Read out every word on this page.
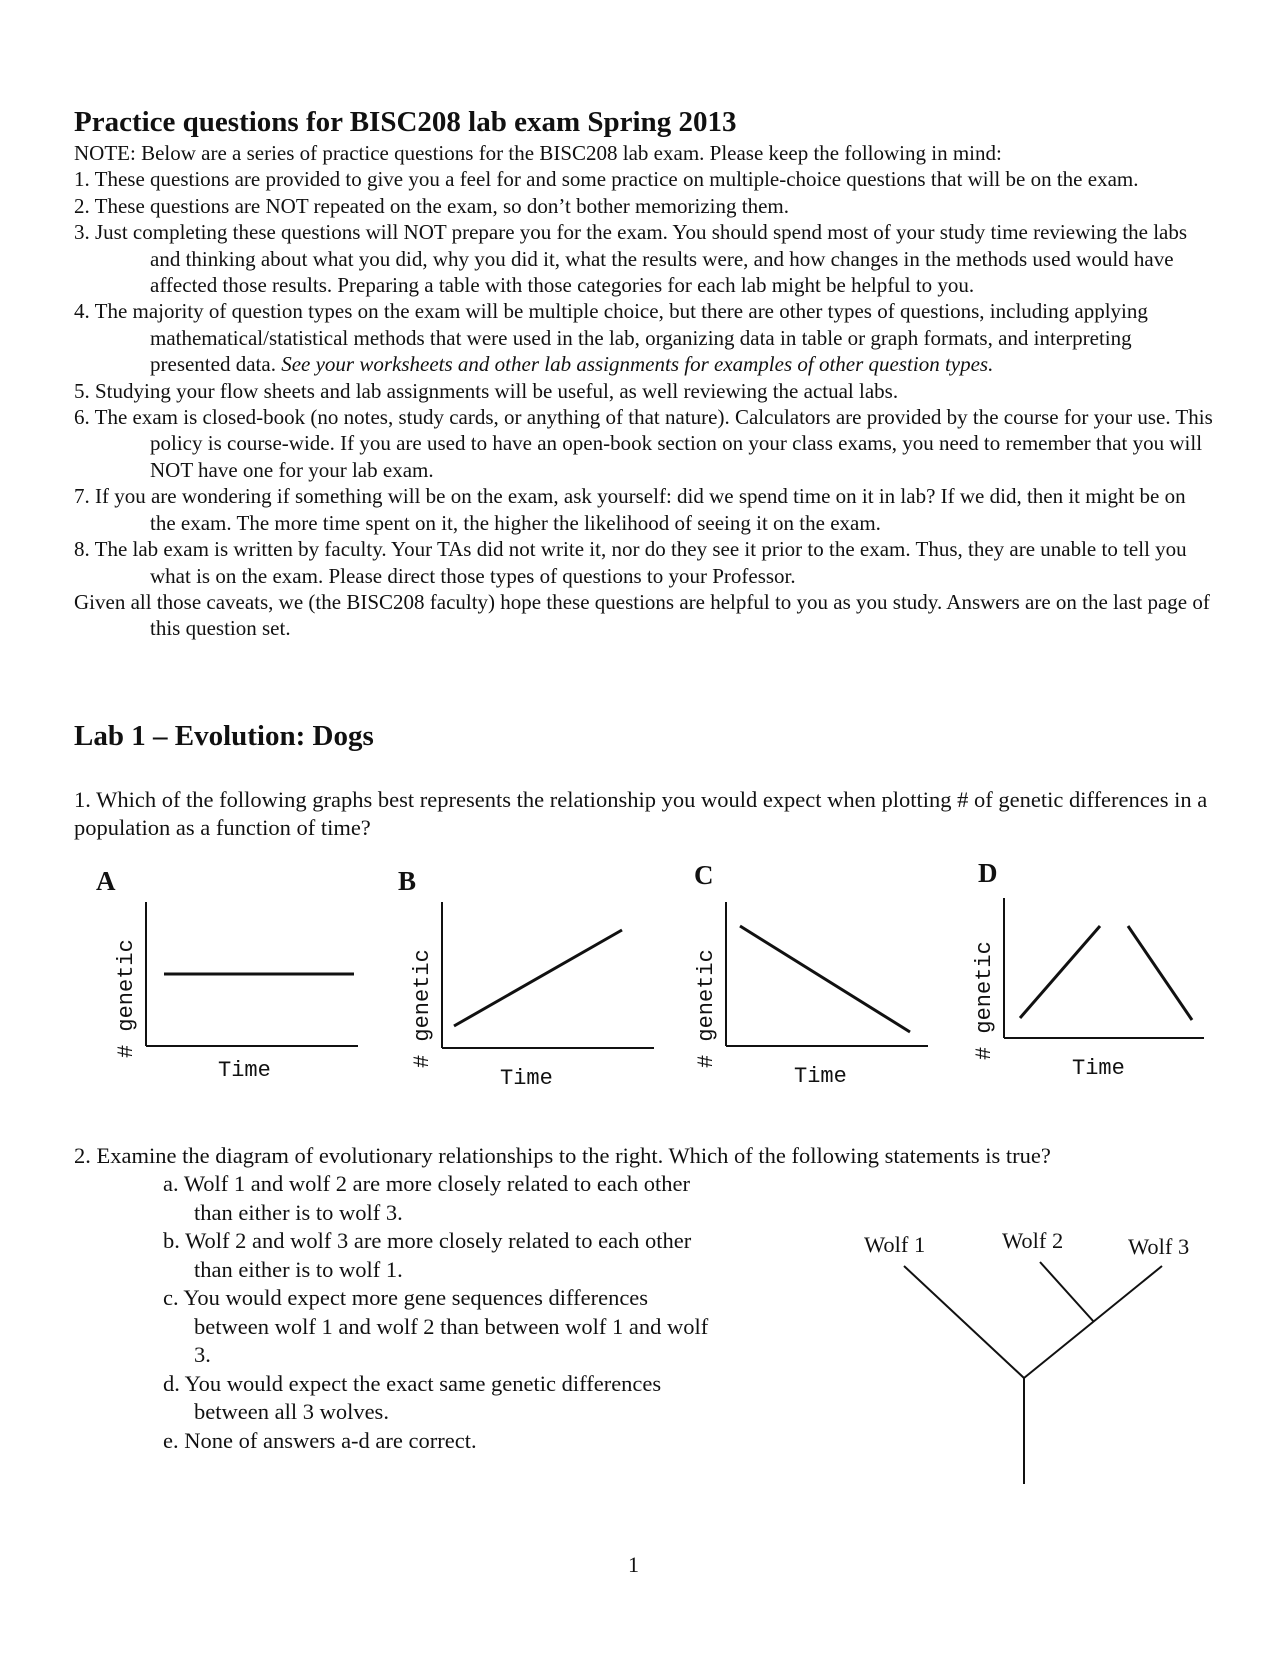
Practice questions for BISC208 lab exam Spring 2013

NOTE: Below are a series of practice questions for the BISC208 lab exam. Please keep the following in mind:

1. These questions are provided to give you a feel for and some practice on multiple-choice questions that will be on the exam.

2. These questions are NOT repeated on the exam, so don’t bother memorizing them.

3. Just completing these questions will NOT prepare you for the exam. You should spend most of your study time reviewing the labs and thinking about what you did, why you did it, what the results were, and how changes in the methods used would have affected those results. Preparing a table with those categories for each lab might be helpful to you.

4. The majority of question types on the exam will be multiple choice, but there are other types of questions, including applying mathematical/statistical methods that were used in the lab, organizing data in table or graph formats, and interpreting presented data. See your worksheets and other lab assignments for examples of other question types.

5. Studying your flow sheets and lab assignments will be useful, as well reviewing the actual labs.

6. The exam is closed-book (no notes, study cards, or anything of that nature). Calculators are provided by the course for your use. This policy is course-wide. If you are used to have an open-book section on your class exams, you need to remember that you will NOT have one for your lab exam.

7. If you are wondering if something will be on the exam, ask yourself: did we spend time on it in lab? If we did, then it might be on the exam. The more time spent on it, the higher the likelihood of seeing it on the exam.

8. The lab exam is written by faculty. Your TAs did not write it, nor do they see it prior to the exam. Thus, they are unable to tell you what is on the exam. Please direct those types of questions to your Professor.

Given all those caveats, we (the BISC208 faculty) hope these questions are helpful to you as you study. Answers are on the last page of this question set.

Lab 1 – Evolution: Dogs

1. Which of the following graphs best represents the relationship you would expect when plotting # of genetic differences in a population as a function of time?

A
# genetic
Time
B
# genetic
Time
C
# genetic
Time
D
# genetic
Time

2. Examine the diagram of evolutionary relationships to the right. Which of the following statements is true?

a. Wolf 1 and wolf 2 are more closely related to each other than either is to wolf 3.
b. Wolf 2 and wolf 3 are more closely related to each other than either is to wolf 1.
c. You would expect more gene sequences differences between wolf 1 and wolf 2 than between wolf 1 and wolf 3.
d. You would expect the exact same genetic differences between all 3 wolves.
e. None of answers a-d are correct.
Wolf 1	Wolf 2	Wolf 3
1
